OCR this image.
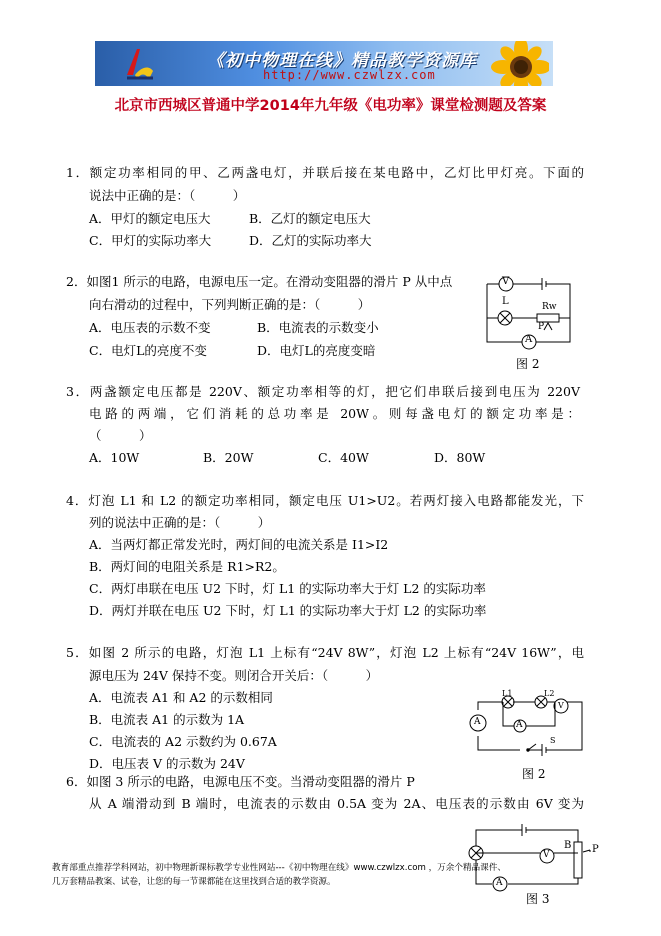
《初中物理在线》精品教学资源库
http://www.czwlzx.com
北京市西城区普通中学2014年九年级《电功率》课堂检测题及答案
1．额定功率相同的甲、乙两盏电灯，并联后接在某电路中，乙灯比甲灯亮。下面的
说法中正确的是：（　　　）
A．甲灯的额定电压大	B．乙灯的额定电压大
C．甲灯的实际功率大	D．乙灯的实际功率大
2．如图1 所示的电路，电源电压一定。在滑动变阻器的滑片 P 从中点
向右滑动的过程中，下列判断正确的是：（　　　）
A．电压表的示数不变	B．电流表的示数变小
C．电灯L的亮度不变	D．电灯L的亮度变暗
V
L	Rw
P
A
图 2
3．两盏额定电压都是 220V、额定功率相等的灯，把它们串联后接到电压为 220V
电路的两端，它们消耗的总功率是 20W。则每盏电灯的额定功率是：
（　　　）
A．10W	B．20W	C．40W	D．80W
4．灯泡 L1 和 L2 的额定功率相同，额定电压 U1>U2。若两灯接入电路都能发光，下
列的说法中正确的是：（　　　）
A．当两灯都正常发光时，两灯间的电流关系是 I1>I2
B．两灯间的电阻关系是 R1>R2。
C．两灯串联在电压 U2 下时，灯 L1 的实际功率大于灯 L2 的实际功率
D．两灯并联在电压 U2 下时，灯 L1 的实际功率大于灯 L2 的实际功率
5．如图 2 所示的电路，灯泡 L1 上标有“24V 8W”，灯泡 L2 上标有“24V 16W”，电
源电压为 24V 保持不变。则闭合开关后：（　　　）
A．电流表 A1 和 A2 的示数相同
B．电流表 A1 的示数为 1A
C．电流表的 A2 示数约为 0.67A
D．电压表 V 的示数为 24V
L1	L2
A	A
V
S
图 2
6．如图 3 所示的电路，电源电压不变。当滑动变阻器的滑片 P
从 A 端滑动到 B 端时，电流表的示数由 0.5A 变为 2A、电压表的示数由 6V 变为
B P
V
A
图 3
教育部重点推荐学科网站，初中物理新课标教学专业性网站---《初中物理在线》www.czwlzx.com ，万余个精品课件、
几万套精品教案、试卷，让您的每一节课都能在这里找到合适的教学资源。
